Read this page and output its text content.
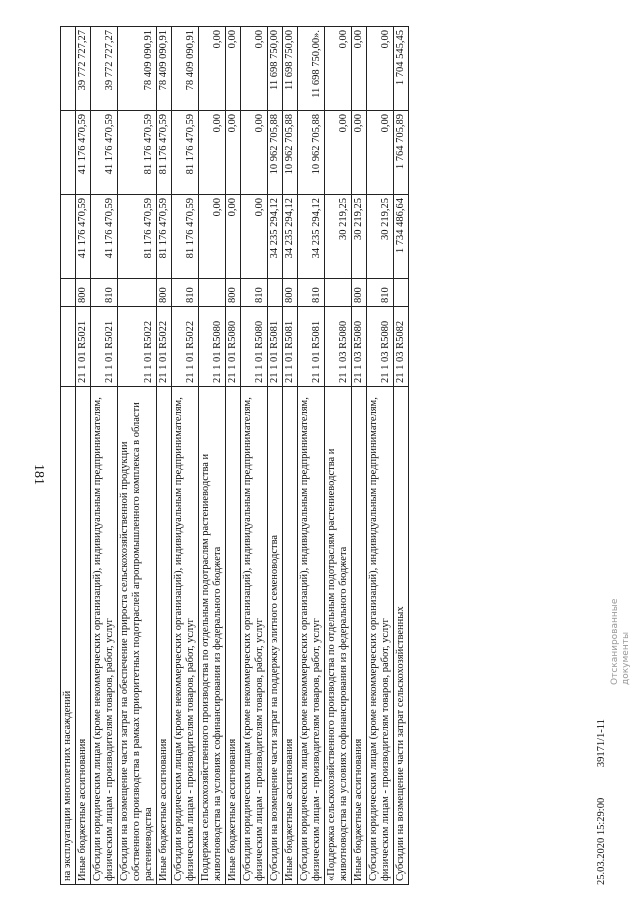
181
на эксплуатации многолетних насаждений					
Иные бюджетные ассигнования	21 1 01 R5021	800	41 176 470,59	41 176 470,59	39 772 727,27
Субсидии юридическим лицам (кроме некоммерческих организаций), индивидуальным предпринимателям, физическим лицам - производителям товаров, работ, услуг	21 1 01 R5021	810	41 176 470,59	41 176 470,59	39 772 727,27
Субсидии на возмещение части затрат на обеспечение прироста сельскохозяйственной продукции собственного производства в рамках приоритетных подотраслей агропромышленного комплекса в области растениеводства	21 1 01 R5022		81 176 470,59	81 176 470,59	78 409 090,91
Иные бюджетные ассигнования	21 1 01 R5022	800	81 176 470,59	81 176 470,59	78 409 090,91
Субсидии юридическим лицам (кроме некоммерческих организаций), индивидуальным предпринимателям, физическим лицам - производителям товаров, работ, услуг	21 1 01 R5022	810	81 176 470,59	81 176 470,59	78 409 090,91
Поддержка сельскохозяйственного производства по отдельным подотраслям растениеводства и животноводства на условиях софинансирования из федерального бюджета	21 1 01 R5080		0,00	0,00	0,00
Иные бюджетные ассигнования	21 1 01 R5080	800	0,00	0,00	0,00
Субсидии юридическим лицам (кроме некоммерческих организаций), индивидуальным предпринимателям, физическим лицам - производителям товаров, работ, услуг	21 1 01 R5080	810	0,00	0,00	0,00
Субсидии на возмещение части затрат на поддержку элитного семеноводства	21 1 01 R5081		34 235 294,12	10 962 705,88	11 698 750,00
Иные бюджетные ассигнования	21 1 01 R5081	800	34 235 294,12	10 962 705,88	11 698 750,00
Субсидии юридическим лицам (кроме некоммерческих организаций), индивидуальным предпринимателям, физическим лицам - производителям товаров, работ, услуг	21 1 01 R5081	810	34 235 294,12	10 962 705,88	11 698 750,00».
«Поддержка сельскохозяйственного производства по отдельным подотраслям растениеводства и животноводства на условиях софинансирования из федерального бюджета	21 1 03 R5080		30 219,25	0,00	0,00
Иные бюджетные ассигнования	21 1 03 R5080	800	30 219,25	0,00	0,00
Субсидии юридическим лицам (кроме некоммерческих организаций), индивидуальным предпринимателям, физическим лицам - производителям товаров, работ, услуг	21 1 03 R5080	810	30 219,25	0,00	0,00
Субсидии на возмещение части затрат сельскохозяйственных	21 1 03 R5082		1 734 486,64	1 764 705,89	1 704 545,45
25.03.2020 15:29:00 39171/1-11
Отсканированные документы
